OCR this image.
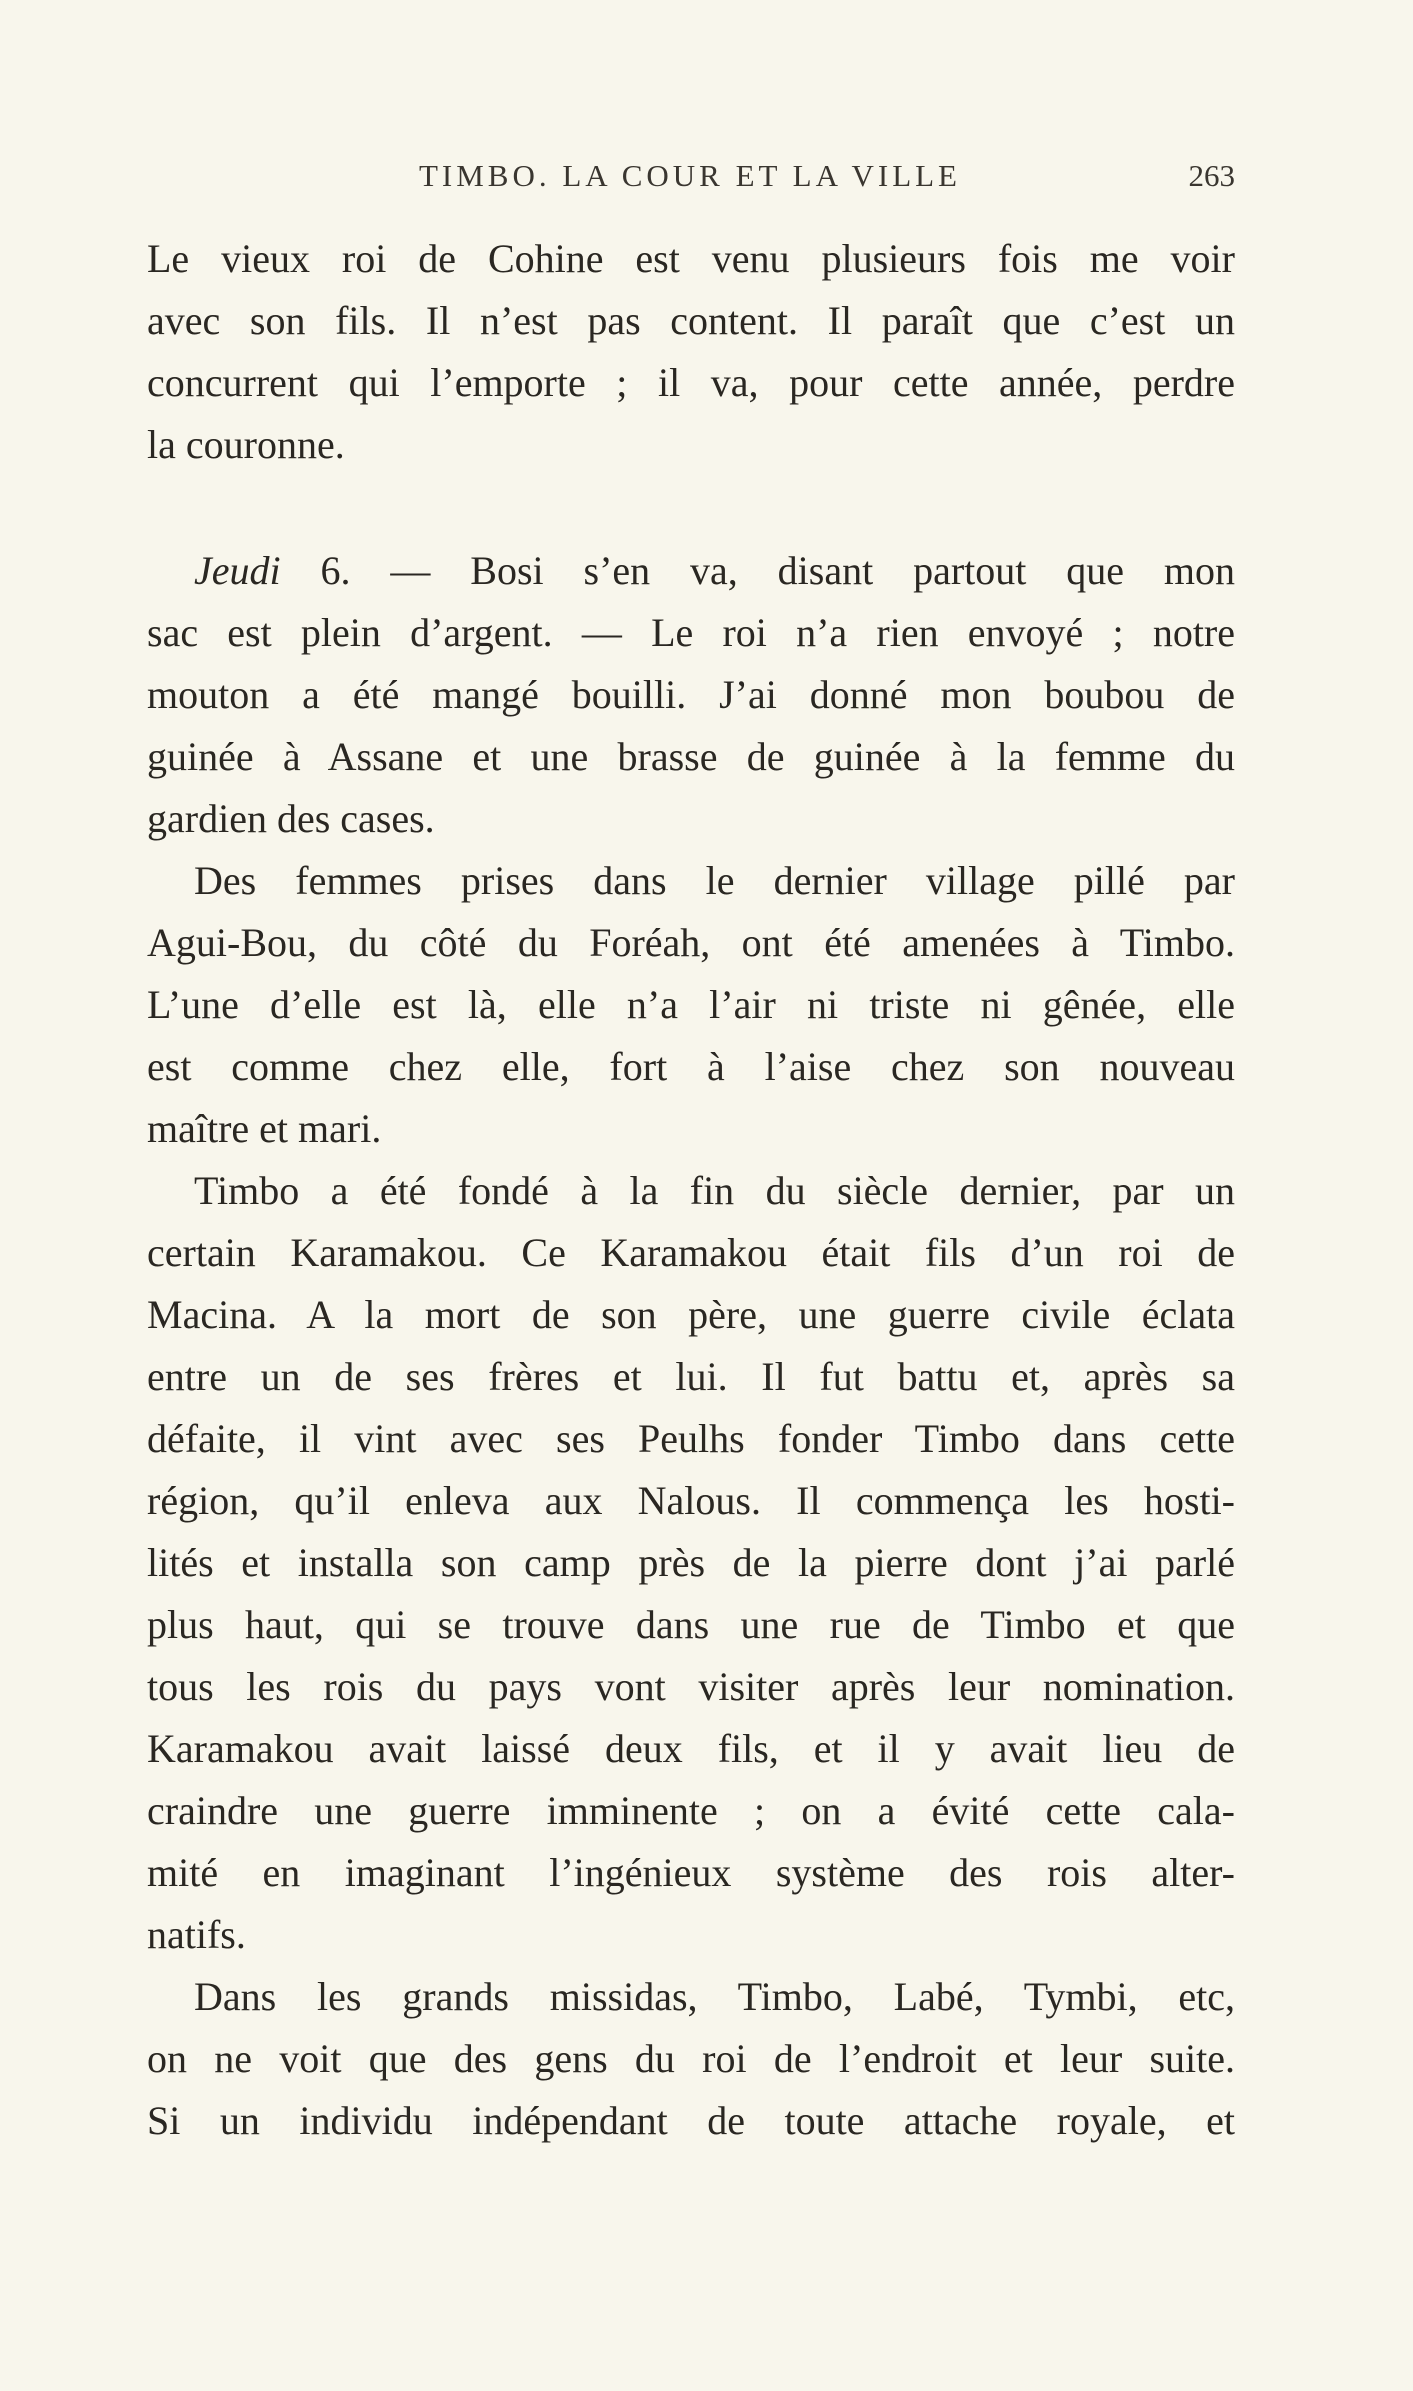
TIMBO. LA COUR ET LA VILLE	263
Le vieux roi de Cohine est venu plusieurs fois me voir
avec son fils. Il n’est pas content. Il paraît que c’est un
concurrent qui l’emporte ; il va, pour cette année, perdre
la couronne.
Jeudi 6. — Bosi s’en va, disant partout que mon
sac est plein d’argent. — Le roi n’a rien envoyé ; notre
mouton a été mangé bouilli. J’ai donné mon boubou de
guinée à Assane et une brasse de guinée à la femme du
gardien des cases.
Des femmes prises dans le dernier village pillé par
Agui-Bou, du côté du Foréah, ont été amenées à Timbo.
L’une d’elle est là, elle n’a l’air ni triste ni gênée, elle
est comme chez elle, fort à l’aise chez son nouveau
maître et mari.
Timbo a été fondé à la fin du siècle dernier, par un
certain Karamakou. Ce Karamakou était fils d’un roi de
Macina. A la mort de son père, une guerre civile éclata
entre un de ses frères et lui. Il fut battu et, après sa
défaite, il vint avec ses Peulhs fonder Timbo dans cette
région, qu’il enleva aux Nalous. Il commença les hosti-
lités et installa son camp près de la pierre dont j’ai parlé
plus haut, qui se trouve dans une rue de Timbo et que
tous les rois du pays vont visiter après leur nomination.
Karamakou avait laissé deux fils, et il y avait lieu de
craindre une guerre imminente ; on a évité cette cala-
mité en imaginant l’ingénieux système des rois alter-
natifs.
Dans les grands missidas, Timbo, Labé, Tymbi, etc,
on ne voit que des gens du roi de l’endroit et leur suite.
Si un individu indépendant de toute attache royale, et
